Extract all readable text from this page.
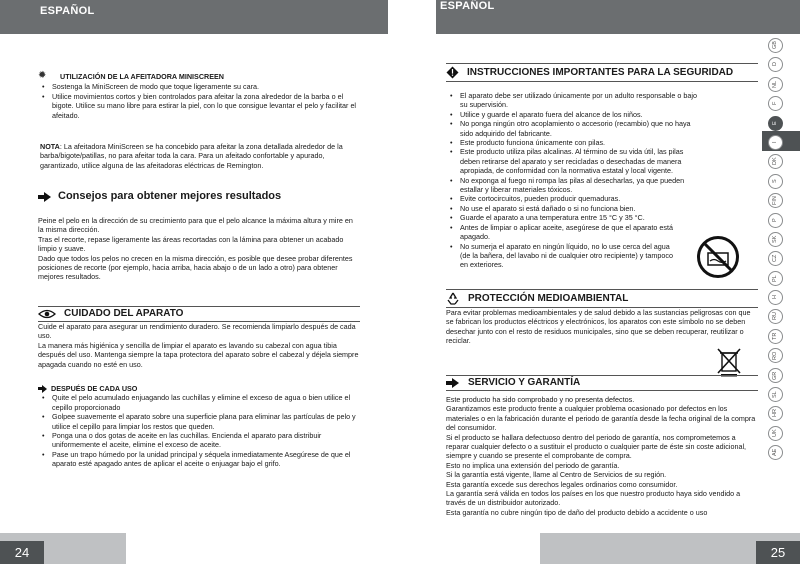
ESPAÑOL	ESPAÑOL
✹ UTILIZACIÓN DE LA AFEITADORA MINISCREEN
• Sostenga la MiniScreen de modo que toque ligeramente su cara.
• Utilice movimientos cortos y bien controlados para afeitar la zona alrededor de la barba o el bigote. Utilice su mano libre para estirar la piel, con lo que consigue levantar el pelo y facilitar el afeitado.

NOTA: La afeitadora MiniScreen se ha concebido para afeitar la zona detallada alrededor de la barba/bigote/patillas, no para afeitar toda la cara. Para un afeitado confortable y apurado, garantizado, utilice alguna de las afeitadoras eléctricas de Remington.

Consejos para obtener mejores resultados

Peine el pelo en la dirección de su crecimiento para que el pelo alcance la máxima altura y mire en la misma dirección.

Tras el recorte, repase ligeramente las áreas recortadas con la lámina para obtener un acabado limpio y suave.

Dado que todos los pelos no crecen en la misma dirección, es posible que desee probar diferentes posiciones de recorte (por ejemplo, hacia arriba, hacia abajo o de un lado a otro) para obtener mejores resultados.

CUIDADO DEL APARATO

Cuide el aparato para asegurar un rendimiento duradero. Se recomienda limpiarlo después de cada uso.

La manera más higiénica y sencilla de limpiar el aparato es lavando su cabezal con agua tibia después del uso. Mantenga siempre la tapa protectora del aparato sobre el cabezal y déjela siempre apagada cuando no esté en uso.

DESPUÉS DE CADA USO
• Quite el pelo acumulado enjuagando las cuchillas y elimine el exceso de agua o bien utilice el cepillo proporcionado
• Golpee suavemente el aparato sobre una superficie plana para eliminar las partículas de pelo y utilice el cepillo para limpiar los restos que queden.
• Ponga una o dos gotas de aceite en las cuchillas. Encienda el aparato para distribuir uniformemente el aceite, elimine el exceso de aceite.
• Pase un trapo húmedo por la unidad principal y séquela inmediatamente Asegúrese de que el aparato esté apagado antes de aplicar el aceite o enjuagar bajo el grifo.
INSTRUCCIONES IMPORTANTES PARA LA SEGURIDAD
• El aparato debe ser utilizado únicamente por un adulto responsable o bajo su supervisión.
• Utilice y guarde el aparato fuera del alcance de los niños.
• No ponga ningún otro acoplamiento o accesorio (recambio) que no haya sido adquirido del fabricante.
• Este producto funciona únicamente con pilas.
• Este producto utiliza pilas alcalinas. Al término de su vida útil, las pilas deben retirarse del aparato y ser recicladas o desechadas de manera apropiada, de conformidad con la normativa estatal y local vigente.
• No exponga al fuego ni rompa las pilas al desecharlas, ya que pueden estallar y liberar materiales tóxicos.
• Evite cortocircuitos, pueden producir quemaduras.
• No use el aparato si está dañado o si no funciona bien.
• Guarde el aparato a una temperatura entre 15 °C y 35 °C.
• Antes de limpiar o aplicar aceite, asegúrese de que el aparato está apagado.
• No sumerja el aparato en ningún líquido, no lo use cerca del agua (de la bañera, del lavabo ni de cualquier otro recipiente) y tampoco en exteriores.
PROTECCIÓN MEDIOAMBIENTAL

Para evitar problemas medioambientales y de salud debido a las sustancias peligrosas con que se fabrican los productos eléctricos y electrónicos, los aparatos con este símbolo no se deben desechar junto con el resto de residuos municipales, sino que se deben recuperar, reutilizar o reciclar.

SERVICIO Y GARANTÍA

Este producto ha sido comprobado y no presenta defectos.

Garantizamos este producto frente a cualquier problema ocasionado por defectos en los materiales o en la fabricación durante el periodo de garantía desde la fecha original de la compra del consumidor.

Si el producto se hallara defectuoso dentro del periodo de garantía, nos comprometemos a reparar cualquier defecto o a sustituir el producto o cualquier parte de éste sin coste adicional, siempre y cuando se presente el comprobante de compra.

Esto no implica una extensión del periodo de garantía.

Si la garantía está vigente, llame al Centro de Servicios de su región.

Esta garantía excede sus derechos legales ordinarios como consumidor.

La garantía será válida en todos los países en los que nuestro producto haya sido vendido a través de un distribuidor autorizado.

Esta garantía no cubre ningún tipo de daño del producto debido a accidente o uso

GB
D
NL
F
E
I
DK
S
FIN
P
SK
CZ
PL
H
RU
TR
RO
GR
SL
HR
UK
AE
24	25
